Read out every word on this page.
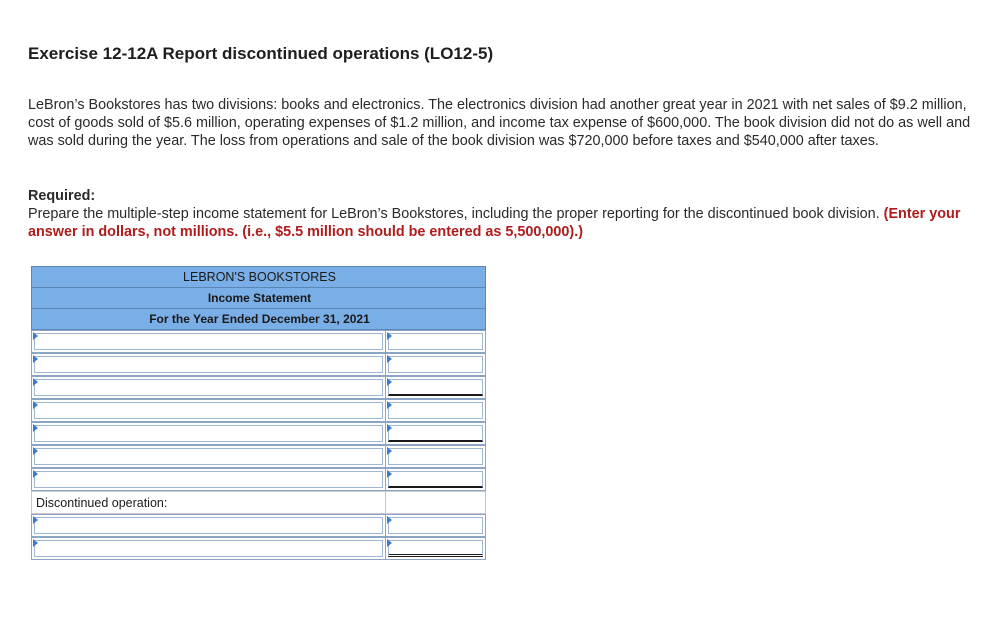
Exercise 12-12A Report discontinued operations (LO12-5)
LeBron’s Bookstores has two divisions: books and electronics. The electronics division had another great year in 2021 with net sales of $9.2 million, cost of goods sold of $5.6 million, operating expenses of $1.2 million, and income tax expense of $600,000. The book division did not do as well and was sold during the year. The loss from operations and sale of the book division was $720,000 before taxes and $540,000 after taxes.
Required:
Prepare the multiple-step income statement for LeBron’s Bookstores, including the proper reporting for the discontinued book division. (Enter your answer in dollars, not millions. (i.e., $5.5 million should be entered as 5,500,000).)
LEBRON'S BOOKSTORES
Income Statement
For the Year Ended December 31, 2021
Discontinued operation:
